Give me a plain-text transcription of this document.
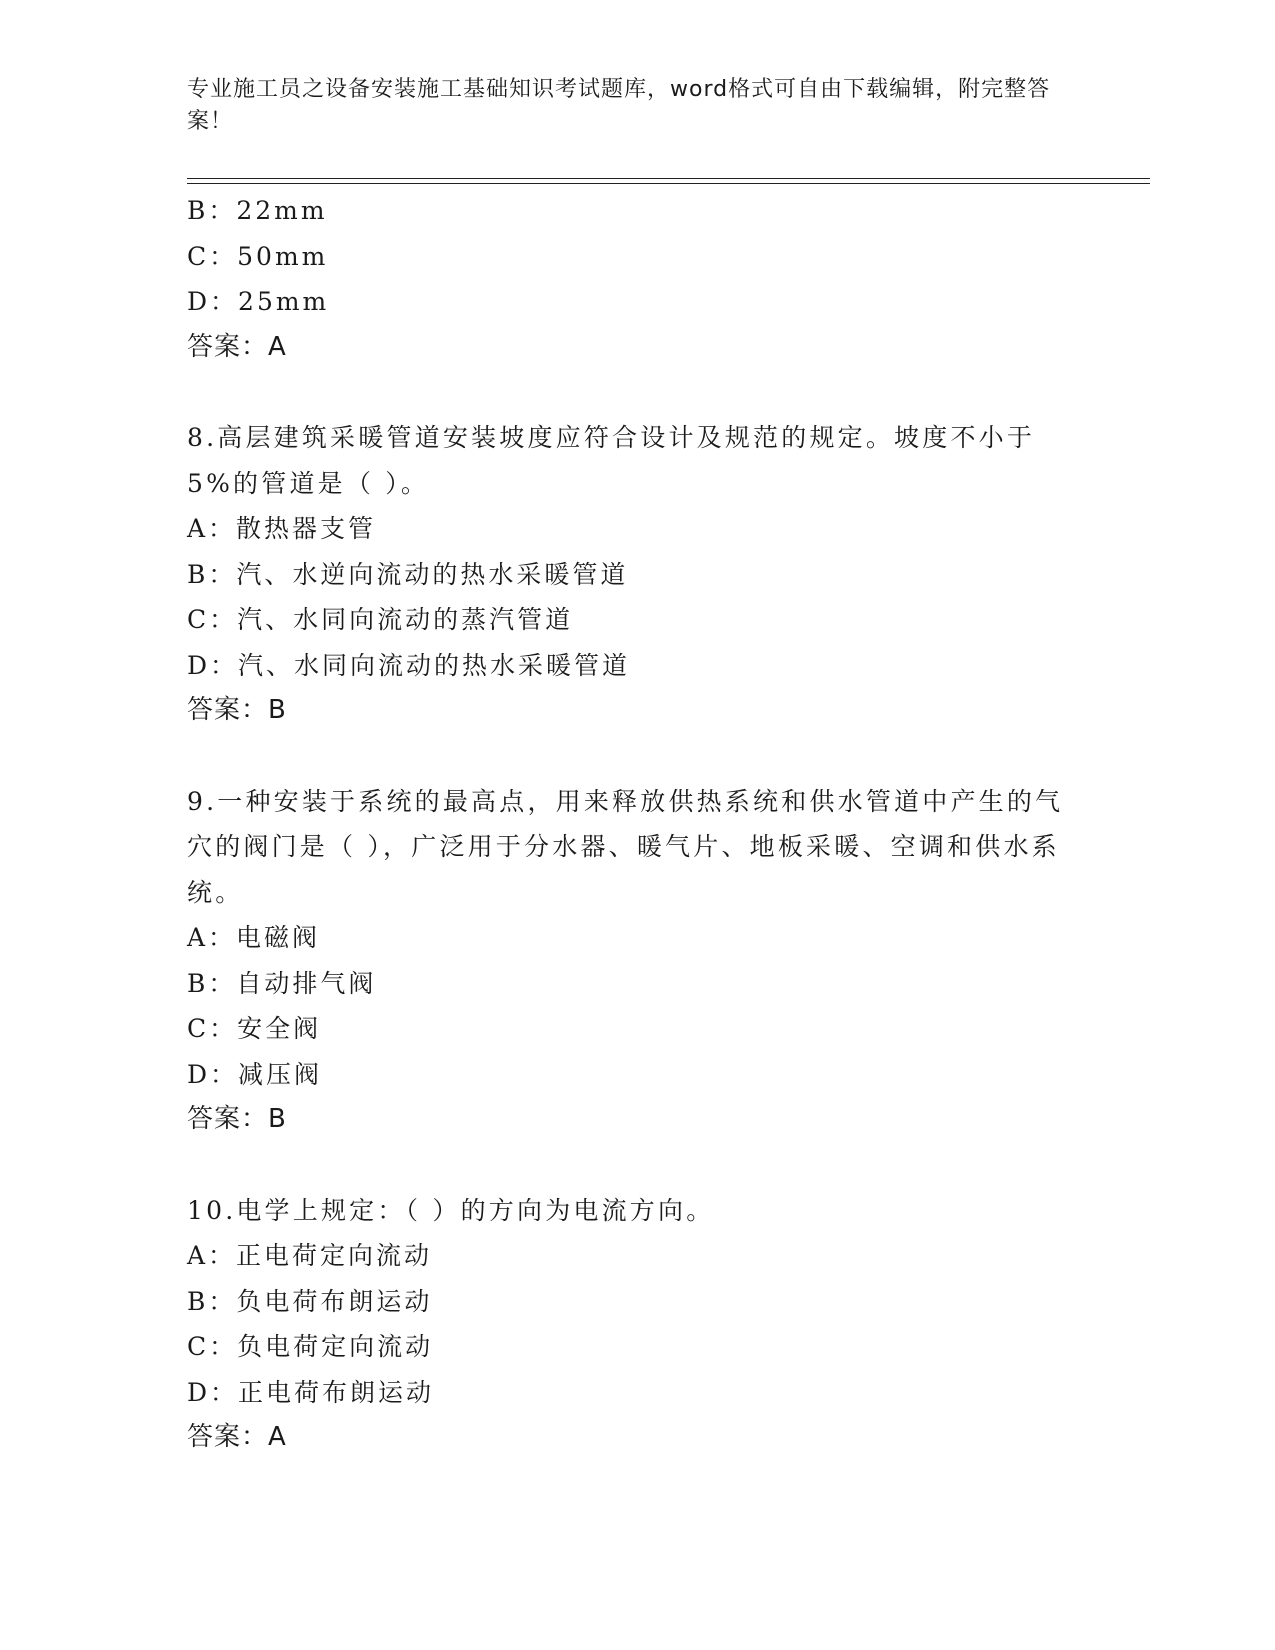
专业施工员之设备安装施工基础知识考试题库，word格式可自由下载编辑，附完整答案！
B：22mm
C：50mm
D：25mm
答案：A
8.高层建筑采暖管道安装坡度应符合设计及规范的规定。坡度不小于5%的管道是（ ）。
A：散热器支管
B：汽、水逆向流动的热水采暖管道
C：汽、水同向流动的蒸汽管道
D：汽、水同向流动的热水采暖管道
答案：B
9.一种安装于系统的最高点，用来释放供热系统和供水管道中产生的气穴的阀门是（ ），广泛用于分水器、暖气片、地板采暖、空调和供水系统。
A：电磁阀
B：自动排气阀
C：安全阀
D：减压阀
答案：B
10.电学上规定：（ ）的方向为电流方向。
A：正电荷定向流动
B：负电荷布朗运动
C：负电荷定向流动
D：正电荷布朗运动
答案：A
